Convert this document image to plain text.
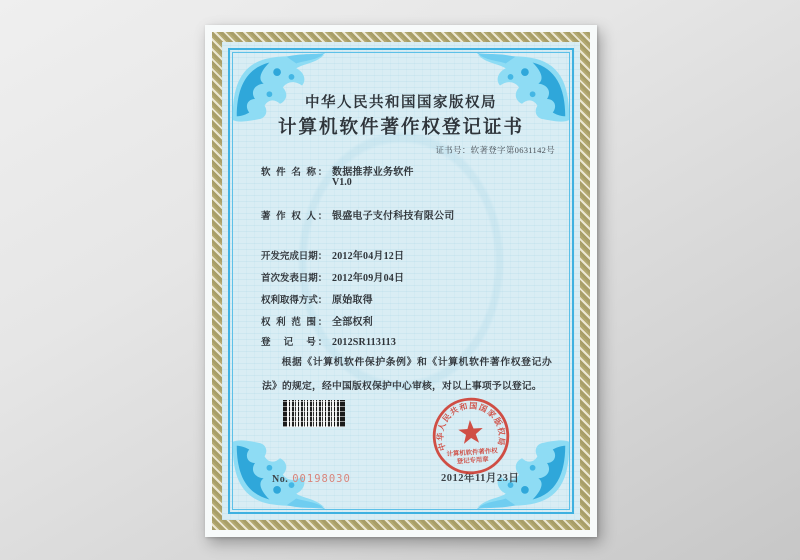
中华人民共和国国家版权局
计算机软件著作权登记证书
证书号：软著登字第0631142号
软 件 名 称： 数据推荐业务软件
V1.0
著 作 权 人： 银盛电子支付科技有限公司
开发完成日期： 2012年04月12日
首次发表日期： 2012年09月04日
权利取得方式： 原始取得
权 利 范 围： 全部权利
登　记　号： 2012SR113113
根据《计算机软件保护条例》和《计算机软件著作权登记办法》的规定，经中国版权保护中心审核，对以上事项予以登记。
No. 00198030	2012年11月23日
中华人民共和国国家版权局
计算机软件著作权
登记专用章
